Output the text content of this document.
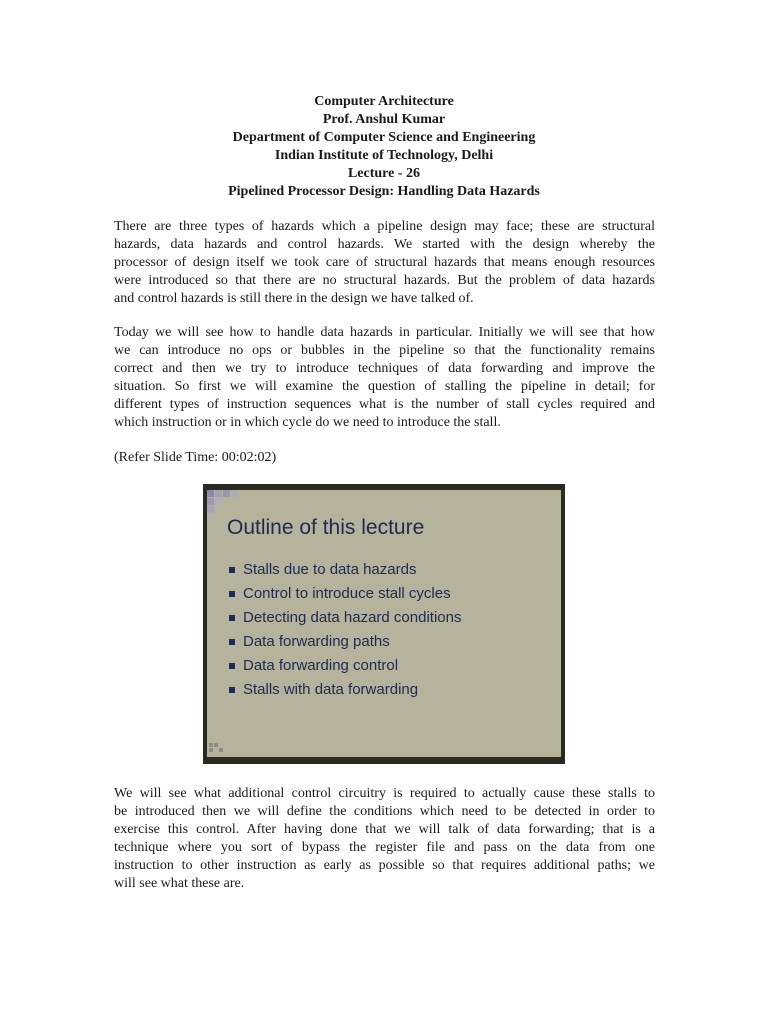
Computer Architecture
Prof. Anshul Kumar
Department of Computer Science and Engineering
Indian Institute of Technology, Delhi
Lecture - 26
Pipelined Processor Design: Handling Data Hazards
There are three types of hazards which a pipeline design may face; these are structural
hazards, data hazards and control hazards. We started with the design whereby the
processor of design itself we took care of structural hazards that means enough resources
were introduced so that there are no structural hazards. But the problem of data hazards
and control hazards is still there in the design we have talked of.
Today we will see how to handle data hazards in particular. Initially we will see that how
we can introduce no ops or bubbles in the pipeline so that the functionality remains
correct and then we try to introduce techniques of data forwarding and improve the
situation. So first we will examine the question of stalling the pipeline in detail; for
different types of instruction sequences what is the number of stall cycles required and
which instruction or in which cycle do we need to introduce the stall.
(Refer Slide Time: 00:02:02)
Outline of this lecture
Stalls due to data hazards
Control to introduce stall cycles
Detecting data hazard conditions
Data forwarding paths
Data forwarding control
Stalls with data forwarding
We will see what additional control circuitry is required to actually cause these stalls to
be introduced then we will define the conditions which need to be detected in order to
exercise this control. After having done that we will talk of data forwarding; that is a
technique where you sort of bypass the register file and pass on the data from one
instruction to other instruction as early as possible so that requires additional paths; we
will see what these are.
